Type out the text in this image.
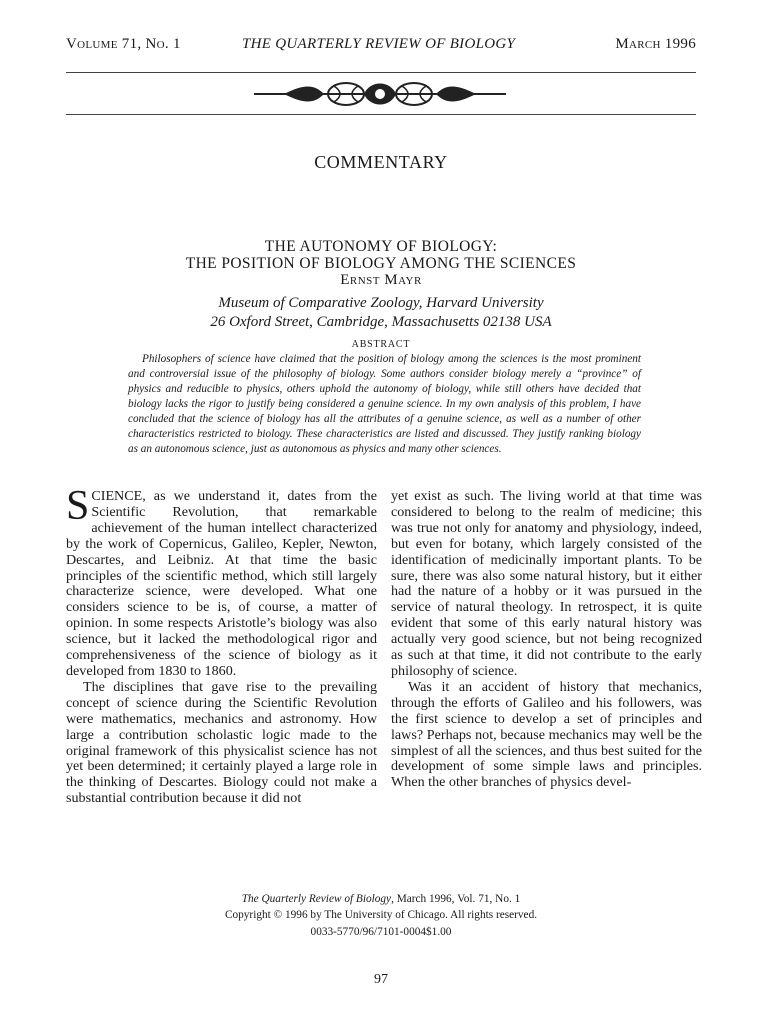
Volume 71, No. 1	THE QUARTERLY REVIEW OF BIOLOGY	March 1996
COMMENTARY
THE AUTONOMY OF BIOLOGY:
THE POSITION OF BIOLOGY AMONG THE SCIENCES
Ernst Mayr
Museum of Comparative Zoology, Harvard University
26 Oxford Street, Cambridge, Massachusetts 02138 USA
ABSTRACT
Philosophers of science have claimed that the position of biology among the sciences is the most prominent and controversial issue of the philosophy of biology. Some authors consider biology merely a “province” of physics and reducible to physics, others uphold the autonomy of biology, while still others have decided that biology lacks the rigor to justify being considered a genuine science. In my own analysis of this problem, I have concluded that the science of biology has all the attributes of a genuine science, as well as a number of other characteristics restricted to biology. These characteristics are listed and discussed. They justify ranking biology as an autonomous science, just as autonomous as physics and many other sciences.

SCIENCE, as we understand it, dates from the Scientific Revolution, that remarkable achievement of the human intellect characterized by the work of Copernicus, Galileo, Kepler, Newton, Descartes, and Leibniz. At that time the basic principles of the scientific method, which still largely characterize science, were developed. What one considers science to be is, of course, a matter of opinion. In some respects Aristotle’s biology was also science, but it lacked the methodological rigor and comprehensiveness of the science of biology as it developed from 1830 to 1860.

The disciplines that gave rise to the prevailing concept of science during the Scientific Revolution were mathematics, mechanics and astronomy. How large a contribution scholastic logic made to the original framework of this physicalist science has not yet been determined; it certainly played a large role in the thinking of Descartes. Biology could not make a substantial contribution because it did not

yet exist as such. The living world at that time was considered to belong to the realm of medicine; this was true not only for anatomy and physiology, indeed, but even for botany, which largely consisted of the identification of medicinally important plants. To be sure, there was also some natural history, but it either had the nature of a hobby or it was pursued in the service of natural theology. In retrospect, it is quite evident that some of this early natural history was actually very good science, but not being recognized as such at that time, it did not contribute to the early philosophy of science.

Was it an accident of history that mechanics, through the efforts of Galileo and his followers, was the first science to develop a set of principles and laws? Perhaps not, because mechanics may well be the simplest of all the sciences, and thus best suited for the development of some simple laws and principles. When the other branches of physics devel-

The Quarterly Review of Biology, March 1996, Vol. 71, No. 1
Copyright © 1996 by The University of Chicago. All rights reserved.
0033-5770/96/7101-0004$1.00
97
